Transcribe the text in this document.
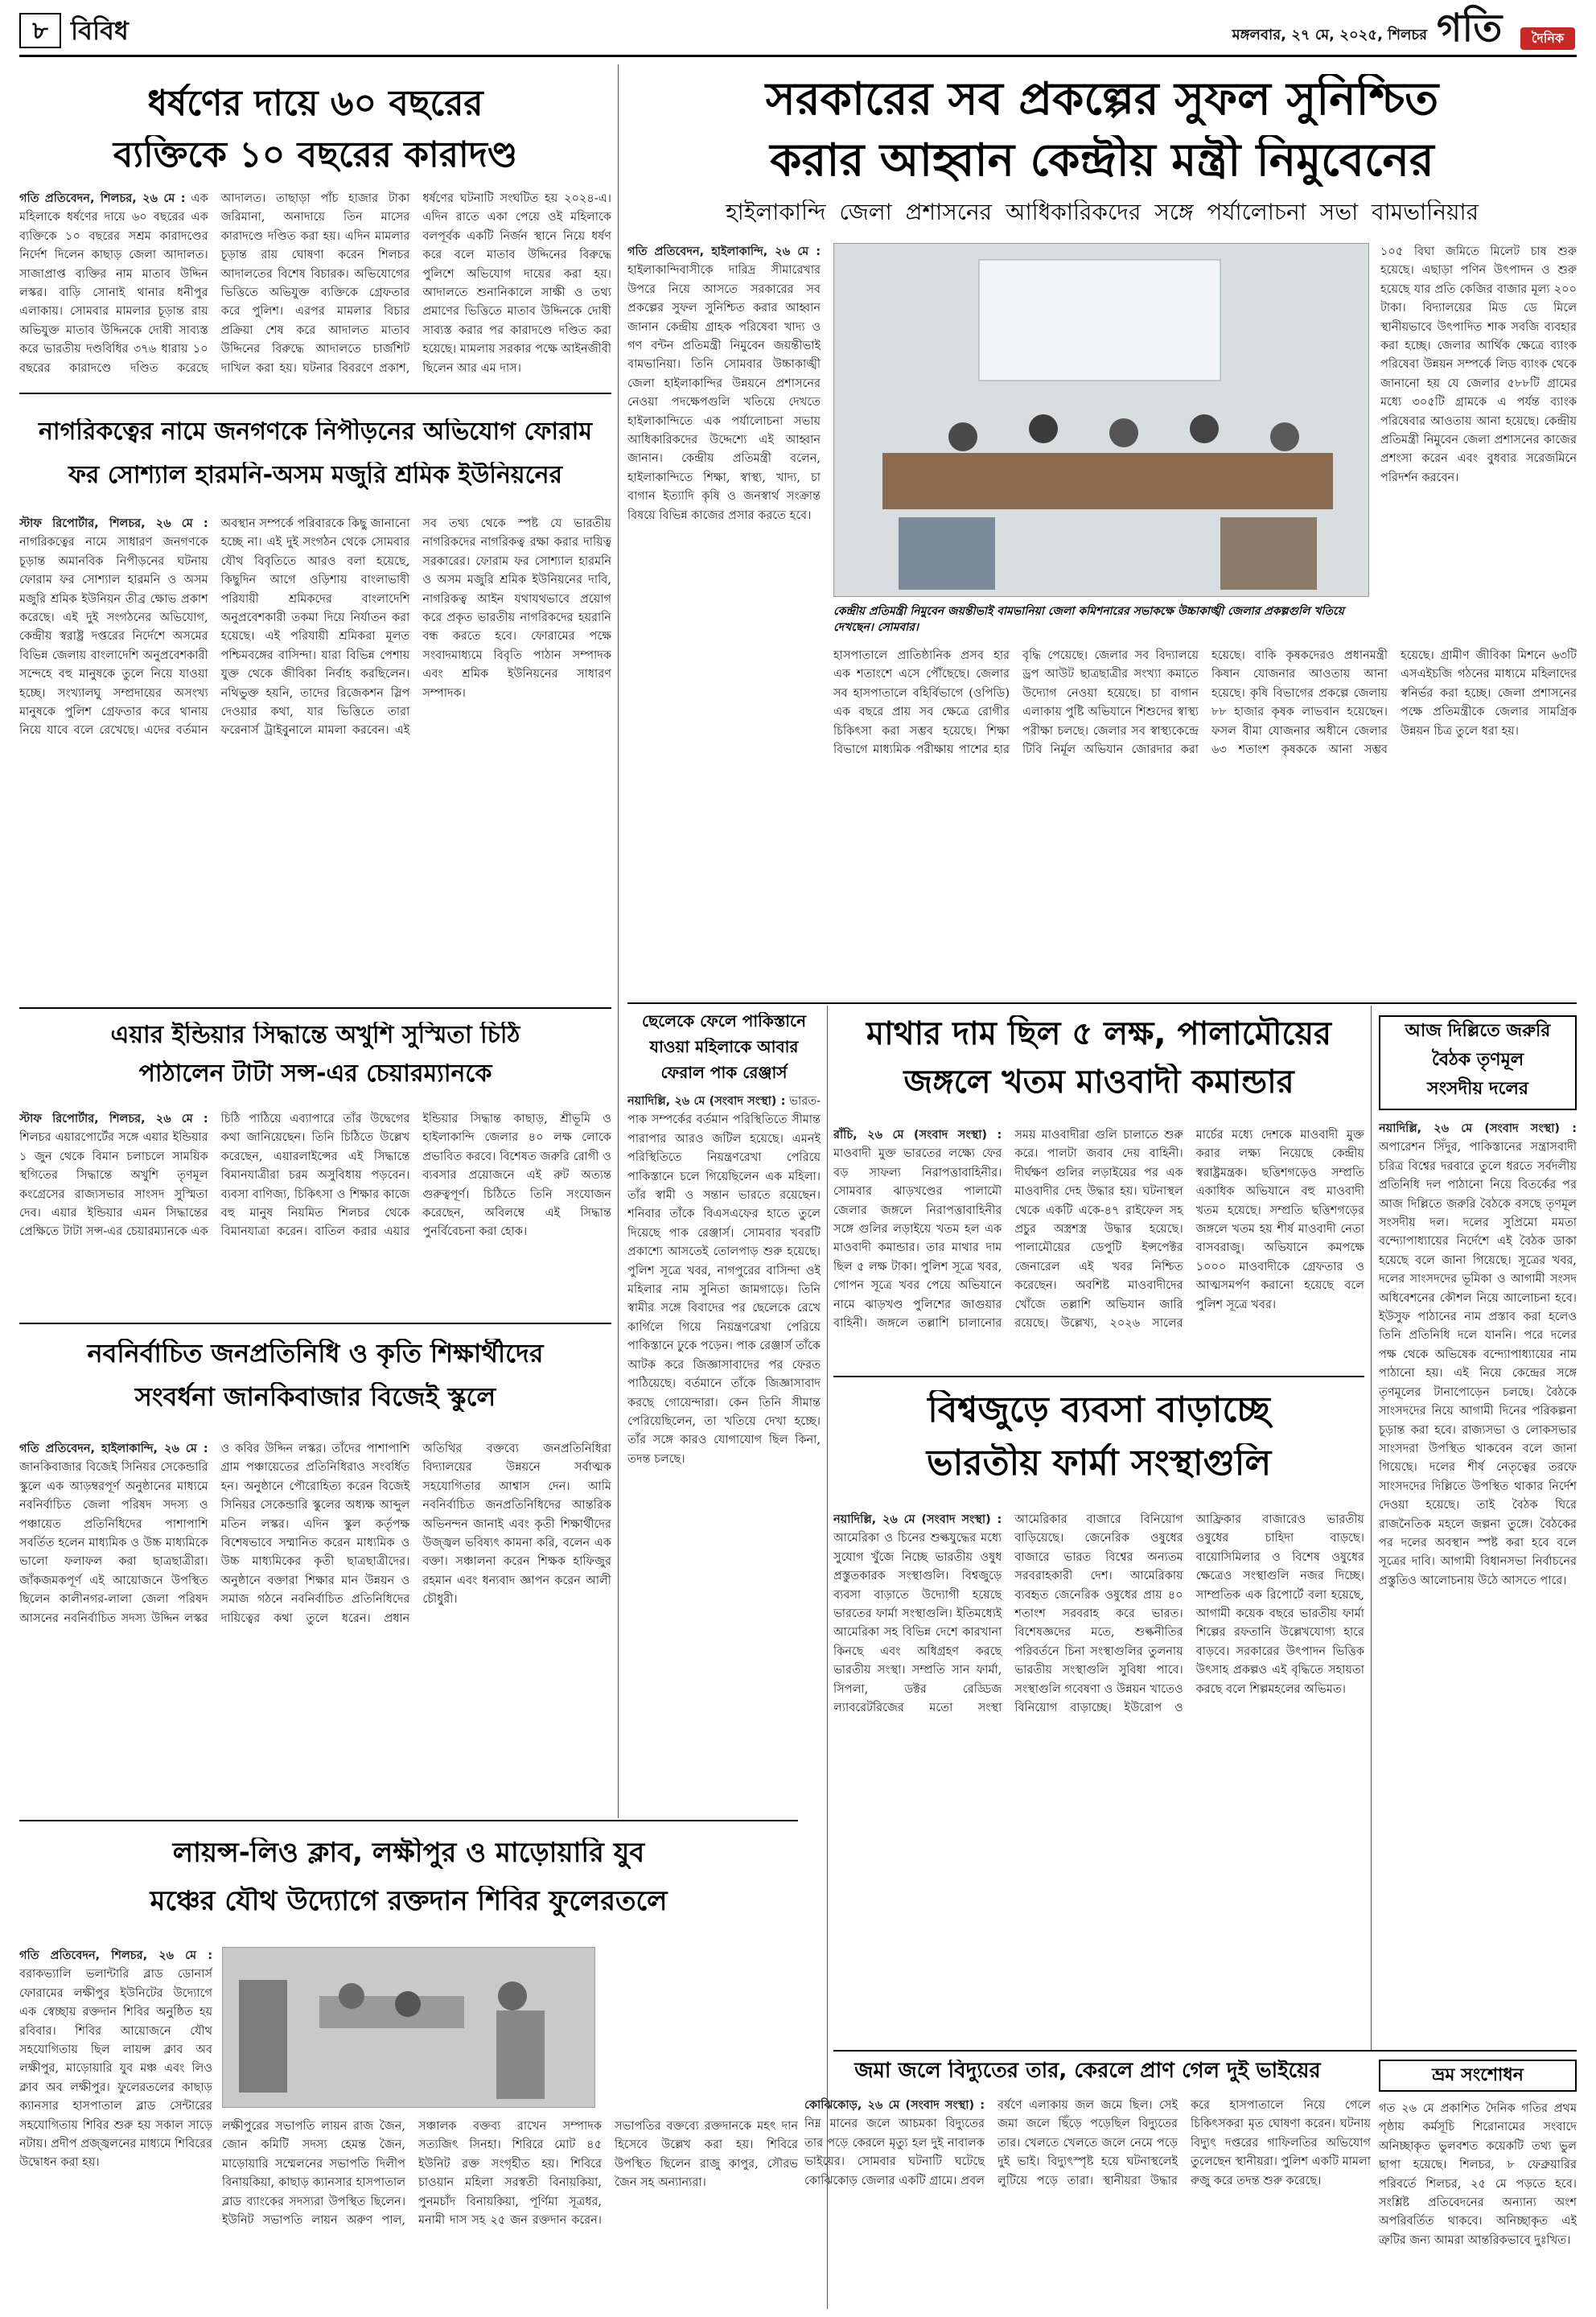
৮ বিবিধ	মঙ্গলবার, ২৭ মে, ২০২৫, শিলচর গতি	দৈনিক
ধর্ষণের দায়ে ৬০ বছরের
ব্যক্তিকে ১০ বছরের কারাদণ্ড
গতি প্রতিবেদন, শিলচর, ২৬ মে : এক মহিলাকে ধর্ষণের দায়ে ৬০ বছরের এক ব্যক্তিকে ১০ বছরের সশ্রম কারাদণ্ডের নির্দেশ দিলেন কাছাড় জেলা আদালত। সাজাপ্রাপ্ত ব্যক্তির নাম মাতাব উদ্দিন লস্কর। বাড়ি সোনাই থানার ধনীপুর এলাকায়। সোমবার মামলার চূড়ান্ত রায় অভিযুক্ত মাতাব উদ্দিনকে দোষী সাব্যস্ত করে ভারতীয় দণ্ডবিধির ৩৭৬ ধারায় ১০ বছরের কারাদণ্ডে দণ্ডিত করেছে আদালত। তাছাড়া পাঁচ হাজার টাকা জরিমানা, অনাদায়ে তিন মাসের কারাদণ্ডে দণ্ডিত করা হয়। এদিন মামলার চূড়ান্ত রায় ঘোষণা করেন শিলচর আদালতের বিশেষ বিচারক। অভিযোগের ভিত্তিতে অভিযুক্ত ব্যক্তিকে গ্রেফতার করে পুলিশ। এরপর মামলার বিচার প্রক্রিয়া শেষ করে আদালত মাতাব উদ্দিনের বিরুদ্ধে আদালতে চার্জশিট দাখিল করা হয়। ঘটনার বিবরণে প্রকাশ, ধর্ষণের ঘটনাটি সংঘটিত হয় ২০২৪-এ। এদিন রাতে একা পেয়ে ওই মহিলাকে বলপূর্বক একটি নির্জন স্থানে নিয়ে ধর্ষণ করে বলে মাতাব উদ্দিনের বিরুদ্ধে পুলিশে অভিযোগ দায়ের করা হয়। আদালতে শুনানিকালে সাক্ষী ও তথ্য প্রমাণের ভিত্তিতে মাতাব উদ্দিনকে দোষী সাব্যস্ত করার পর কারাদণ্ডে দণ্ডিত করা হয়েছে। মামলায় সরকার পক্ষে আইনজীবী ছিলেন আর এম দাস।
নাগরিকত্বের নামে জনগণকে নিপীড়নের অভিযোগ ফোরাম
ফর সোশ্যাল হারমনি-অসম মজুরি শ্রমিক ইউনিয়নের
স্টাফ রিপোর্টার, শিলচর, ২৬ মে : নাগরিকত্বের নামে সাধারণ জনগণকে চূড়ান্ত অমানবিক নিপীড়নের ঘটনায় ফোরাম ফর সোশ্যাল হারমনি ও অসম মজুরি শ্রমিক ইউনিয়ন তীব্র ক্ষোভ প্রকাশ করেছে। এই দুই সংগঠনের অভিযোগ, কেন্দ্রীয় স্বরাষ্ট্র দপ্তরের নির্দেশে অসমের বিভিন্ন জেলায় বাংলাদেশি অনুপ্রবেশকারী সন্দেহে বহু মানুষকে তুলে নিয়ে যাওয়া হচ্ছে। সংখ্যালঘু সম্প্রদায়ের অসংখ্য মানুষকে পুলিশ গ্রেফতার করে থানায় নিয়ে যাবে বলে রেখেছে। এদের বর্তমান অবস্থান সম্পর্কে পরিবারকে কিছু জানানো হচ্ছে না। এই দুই সংগঠন থেকে সোমবার যৌথ বিবৃতিতে আরও বলা হয়েছে, কিছুদিন আগে ওড়িশায় বাংলাভাষী পরিযায়ী শ্রমিকদের বাংলাদেশি অনুপ্রবেশকারী তকমা দিয়ে নির্যাতন করা হয়েছে। এই পরিযায়ী শ্রমিকরা মূলত পশ্চিমবঙ্গের বাসিন্দা। যারা বিভিন্ন পেশায় যুক্ত থেকে জীবিকা নির্বাহ করছিলেন। নথিভুক্ত হয়নি, তাদের রিজেকশন স্লিপ দেওয়ার কথা, যার ভিত্তিতে তারা ফরেনার্স ট্রাইবুনালে মামলা করবেন। এই সব তথ্য থেকে স্পষ্ট যে ভারতীয় নাগরিকদের নাগরিকত্ব রক্ষা করার দায়িত্ব সরকারের। ফোরাম ফর সোশ্যাল হারমনি ও অসম মজুরি শ্রমিক ইউনিয়নের দাবি, নাগরিকত্ব আইন যথাযথভাবে প্রয়োগ করে প্রকৃত ভারতীয় নাগরিকদের হয়রানি বন্ধ করতে হবে। ফোরামের পক্ষে সংবাদমাধ্যমে বিবৃতি পাঠান সম্পাদক এবং শ্রমিক ইউনিয়নের সাধারণ সম্পাদক।
এয়ার ইন্ডিয়ার সিদ্ধান্তে অখুশি সুস্মিতা চিঠি
পাঠালেন টাটা সন্স-এর চেয়ারম্যানকে
স্টাফ রিপোর্টার, শিলচর, ২৬ মে : শিলচর এয়ারপোর্টের সঙ্গে এয়ার ইন্ডিয়ার ১ জুন থেকে বিমান চলাচলে সাময়িক স্থগিতের সিদ্ধান্তে অখুশি তৃণমূল কংগ্রেসের রাজ্যসভার সাংসদ সুস্মিতা দেব। এয়ার ইন্ডিয়ার এমন সিদ্ধান্তের প্রেক্ষিতে টাটা সন্স-এর চেয়ারম্যানকে এক চিঠি পাঠিয়ে এব্যাপারে তাঁর উদ্বেগের কথা জানিয়েছেন। তিনি চিঠিতে উল্লেখ করেছেন, এয়ারলাইন্সের এই সিদ্ধান্তে বিমানযাত্রীরা চরম অসুবিধায় পড়বেন। ব্যবসা বাণিজ্য, চিকিৎসা ও শিক্ষার কাজে বহু মানুষ নিয়মিত শিলচর থেকে বিমানযাত্রা করেন। বাতিল করার এয়ার ইন্ডিয়ার সিদ্ধান্ত কাছাড়, শ্রীভূমি ও হাইলাকান্দি জেলার ৪০ লক্ষ লোকে প্রভাবিত করবে। বিশেষত জরুরি রোগী ও ব্যবসার প্রয়োজনে এই রুট অত্যন্ত গুরুত্বপূর্ণ। চিঠিতে তিনি সংযোজন করেছেন, অবিলম্বে এই সিদ্ধান্ত পুনর্বিবেচনা করা হোক।
নবনির্বাচিত জনপ্রতিনিধি ও কৃতি শিক্ষার্থীদের
সংবর্ধনা জানকিবাজার বিজেই স্কুলে
গতি প্রতিবেদন, হাইলাকান্দি, ২৬ মে : জানকিবাজার বিজেই সিনিয়র সেকেন্ডারি স্কুলে এক আড়ম্বরপূর্ণ অনুষ্ঠানের মাধ্যমে নবনির্বাচিত জেলা পরিষদ সদস্য ও পঞ্চায়েত প্রতিনিধিদের পাশাপাশি সবর্তিত হলেন মাধ্যমিক ও উচ্চ মাধ্যমিকে ভালো ফলাফল করা ছাত্রছাত্রীরা। জাঁকজমকপূর্ণ এই আয়োজনে উপস্থিত ছিলেন কালীনগর-লালা জেলা পরিষদ আসনের নবনির্বাচিত সদস্য উদ্দিন লস্কর ও কবির উদ্দিন লস্কর। তাঁদের পাশাপাশি গ্রাম পঞ্চায়েতের প্রতিনিধিরাও সংবর্ধিত হন। অনুষ্ঠানে পৌরোহিত্য করেন বিজেই সিনিয়র সেকেন্ডারি স্কুলের অধ্যক্ষ আব্দুল মতিন লস্কর। এদিন স্কুল কর্তৃপক্ষ বিশেষভাবে সম্মানিত করেন মাধ্যমিক ও উচ্চ মাধ্যমিকের কৃতী ছাত্রছাত্রীদের। অনুষ্ঠানে বক্তারা শিক্ষার মান উন্নয়ন ও সমাজ গঠনে নবনির্বাচিত প্রতিনিধিদের দায়িত্বের কথা তুলে ধরেন। প্রধান অতিথির বক্তব্যে জনপ্রতিনিধিরা বিদ্যালয়ের উন্নয়নে সর্বাত্মক সহযোগিতার আশ্বাস দেন। আমি নবনির্বাচিত জনপ্রতিনিধিদের আন্তরিক অভিনন্দন জানাই এবং কৃতী শিক্ষার্থীদের উজ্জ্বল ভবিষ্যৎ কামনা করি, বলেন এক বক্তা। সঞ্চালনা করেন শিক্ষক হাফিজুর রহমান এবং ধন্যবাদ জ্ঞাপন করেন আলী চৌধুরী।
লায়ন্স-লিও ক্লাব, লক্ষীপুর ও মাড়োয়ারি যুব
মঞ্চের যৌথ উদ্যোগে রক্তদান শিবির ফুলেরতলে
গতি প্রতিবেদন, শিলচর, ২৬ মে : বরাকভ্যালি ভলান্টারি ব্লাড ডোনার্স ফোরামের লক্ষীপুর ইউনিটের উদ্যোগে এক স্বেচ্ছায় রক্তদান শিবির অনুষ্ঠিত হয় রবিবার। শিবির আয়োজনে যৌথ সহযোগিতায় ছিল লায়ন্স ক্লাব অব লক্ষীপুর, মাড়োয়ারি যুব মঞ্চ এবং লিও ক্লাব অব লক্ষীপুর। ফুলেরতলের কাছাড় ক্যানসার হাসপাতাল ব্লাড সেন্টারের সহযোগিতায় শিবির শুরু হয় সকাল সাড়ে নটায়। প্রদীপ প্রজ্জ্বলনের মাধ্যমে শিবিরের উদ্বোধন করা হয়।
লক্ষীপুরের সভাপতি লায়ন রাজ জৈন, জোন কমিটি সদস্য হেমন্ত জৈন, মাড়োয়ারি সম্মেলনের সভাপতি দিলীপ বিনায়কিয়া, কাছাড় ক্যানসার হাসপাতাল ব্লাড ব্যাংকের সদস্যরা উপস্থিত ছিলেন। ইউনিট সভাপতি লায়ন অরুণ পাল, সঞ্চালক বক্তব্য রাখেন সম্পাদক সত্যজিৎ সিনহা। শিবিরে মোট ৪৫ ইউনিট রক্ত সংগৃহীত হয়। শিবিরে চাওয়ান মহিলা সরস্বতী বিনায়কিয়া, পুনমচাঁদ বিনায়কিয়া, পূর্ণিমা সূত্রধর, মনামী দাস সহ ২৫ জন রক্তদান করেন। সভাপতির বক্তব্যে রক্তদানকে মহৎ দান হিসেবে উল্লেখ করা হয়। শিবিরে উপস্থিত ছিলেন রাজু কাপুর, সৌরভ জৈন সহ অন্যান্যরা।
সরকারের সব প্রকল্পের সুফল সুনিশ্চিত
করার আহ্বান কেন্দ্রীয় মন্ত্রী নিমুবেনের
হাইলাকান্দি জেলা প্রশাসনের আধিকারিকদের সঙ্গে পর্যালোচনা সভা বামভানিয়ার
গতি প্রতিবেদন, হাইলাকান্দি, ২৬ মে : হাইলাকান্দিবাসীকে দারিদ্র সীমারেখার উপরে নিয়ে আসতে সরকারের সব প্রকল্পের সুফল সুনিশ্চিত করার আহ্বান জানান কেন্দ্রীয় গ্রাহক পরিষেবা খাদ্য ও গণ বন্টন প্রতিমন্ত্রী নিমুবেন জয়ন্তীভাই বামভানিয়া। তিনি সোমবার উচ্চাকাঙ্খী জেলা হাইলাকান্দির উন্নয়নে প্রশাসনের নেওয়া পদক্ষেপগুলি খতিয়ে দেখতে হাইলাকান্দিতে এক পর্যালোচনা সভায় আধিকারিকদের উদ্দেশ্যে এই আহ্বান জানান। কেন্দ্রীয় প্রতিমন্ত্রী বলেন, হাইলাকান্দিতে শিক্ষা, স্বাস্থ্য, খাদ্য, চা বাগান ইত্যাদি কৃষি ও জনস্বার্থ সংক্রান্ত বিষয়ে বিভিন্ন কাজের প্রসার করতে হবে।
কেন্দ্রীয় প্রতিমন্ত্রী নিমুবেন জয়ন্তীভাই বামভানিয়া জেলা কমিশনারের সভাকক্ষে উচ্চাকাঙ্খী জেলার প্রকল্পগুলি খতিয়ে দেখছেন। সোমবার।
১০৫ বিঘা জমিতে মিলেট চাষ শুরু হয়েছে। এছাড়া পণিন উৎপাদন ও শুরু হয়েছে যার প্রতি কেজির বাজার মূল্য ২০০ টাকা। বিদ্যালয়ের মিড ডে মিলে স্থানীয়ভাবে উৎপাদিত শাক সবজি ব্যবহার করা হচ্ছে। জেলার আর্থিক ক্ষেত্রে ব্যাংক পরিষেবা উন্নয়ন সম্পর্কে লিড ব্যাংক থেকে জানানো হয় যে জেলার ৫৮৮টি গ্রামের মধ্যে ৩০৫টি গ্রামকে এ পর্যন্ত ব্যাংক পরিষেবার আওতায় আনা হয়েছে। কেন্দ্রীয় প্রতিমন্ত্রী নিমুবেন জেলা প্রশাসনের কাজের প্রশংসা করেন এবং বুধবার সরেজমিনে পরিদর্শন করবেন।
হাসপাতালে প্রাতিষ্ঠানিক প্রসব হার এক শতাংশে এসে পৌঁছেছে। জেলার সব হাসপাতালে বহির্বিভাগে (ওপিডি) এক বছরে প্রায় সব ক্ষেত্রে রোগীর চিকিৎসা করা সম্ভব হয়েছে। শিক্ষা বিভাগে মাধ্যমিক পরীক্ষায় পাশের হার বৃদ্ধি পেয়েছে। জেলার সব বিদ্যালয়ে ড্রপ আউট ছাত্রছাত্রীর সংখ্যা কমাতে উদ্যোগ নেওয়া হয়েছে। চা বাগান এলাকায় পুষ্টি অভিযানে শিশুদের স্বাস্থ্য পরীক্ষা চলছে। জেলার সব স্বাস্থ্যকেন্দ্রে টিবি নির্মূল অভিযান জোরদার করা হয়েছে। বাকি কৃষকদেরও প্রধানমন্ত্রী কিষান যোজনার আওতায় আনা হয়েছে। কৃষি বিভাগের প্রকল্পে জেলায় ৮৮ হাজার কৃষক লাভবান হয়েছেন। ফসল বীমা যোজনার অধীনে জেলার ৬৩ শতাংশ কৃষককে আনা সম্ভব হয়েছে। গ্রামীণ জীবিকা মিশনে ৬৩টি এসএইচজি গঠনের মাধ্যমে মহিলাদের স্বনির্ভর করা হচ্ছে। জেলা প্রশাসনের পক্ষে প্রতিমন্ত্রীকে জেলার সামগ্রিক উন্নয়ন চিত্র তুলে ধরা হয়।
ছেলেকে ফেলে পাকিস্তানে
যাওয়া মহিলাকে আবার
ফেরাল পাক রেঞ্জার্স
নয়াদিল্লি, ২৬ মে (সংবাদ সংস্থা) : ভারত-পাক সম্পর্কের বর্তমান পরিস্থিতিতে সীমান্ত পারাপার আরও জটিল হয়েছে। এমনই পরিস্থিতিতে নিয়ন্ত্রণরেখা পেরিয়ে পাকিস্তানে চলে গিয়েছিলেন এক মহিলা। তাঁর স্বামী ও সন্তান ভারতে রয়েছেন। শনিবার তাঁকে বিএসএফের হাতে তুলে দিয়েছে পাক রেঞ্জার্স। সোমবার খবরটি প্রকাশ্যে আসতেই তোলপাড় শুরু হয়েছে। পুলিশ সূত্রে খবর, নাগপুরের বাসিন্দা ওই মহিলার নাম সুনিতা জামগাড়ে। তিনি স্বামীর সঙ্গে বিবাদের পর ছেলেকে রেখে কার্গিলে গিয়ে নিয়ন্ত্রণরেখা পেরিয়ে পাকিস্তানে ঢুকে পড়েন। পাক রেঞ্জার্স তাঁকে আটক করে জিজ্ঞাসাবাদের পর ফেরত পাঠিয়েছে। বর্তমানে তাঁকে জিজ্ঞাসাবাদ করছে গোয়েন্দারা। কেন তিনি সীমান্ত পেরিয়েছিলেন, তা খতিয়ে দেখা হচ্ছে। তাঁর সঙ্গে কারও যোগাযোগ ছিল কিনা, তদন্ত চলছে।
মাথার দাম ছিল ৫ লক্ষ, পালামৌয়ের
জঙ্গলে খতম মাওবাদী কমান্ডার
রাঁচি, ২৬ মে (সংবাদ সংস্থা) : মাওবাদী মুক্ত ভারতের লক্ষ্যে ফের বড় সাফল্য নিরাপত্তাবাহিনীর। সোমবার ঝাড়খণ্ডের পালামৌ জেলার জঙ্গলে নিরাপত্তাবাহিনীর সঙ্গে গুলির লড়াইয়ে খতম হল এক মাওবাদী কমান্ডার। তার মাথার দাম ছিল ৫ লক্ষ টাকা। পুলিশ সূত্রে খবর, গোপন সূত্রে খবর পেয়ে অভিযানে নামে ঝাড়খণ্ড পুলিশের জাগুয়ার বাহিনী। জঙ্গলে তল্লাশি চালানোর সময় মাওবাদীরা গুলি চালাতে শুরু করে। পালটা জবাব দেয় বাহিনী। দীর্ঘক্ষণ গুলির লড়াইয়ের পর এক মাওবাদীর দেহ উদ্ধার হয়। ঘটনাস্থল থেকে একটি একে-৪৭ রাইফেল সহ প্রচুর অস্ত্রশস্ত্র উদ্ধার হয়েছে। পালামৌয়ের ডেপুটি ইন্সপেক্টর জেনারেল এই খবর নিশ্চিত করেছেন। অবশিষ্ট মাওবাদীদের খোঁজে তল্লাশি অভিযান জারি রয়েছে। উল্লেখ্য, ২০২৬ সালের মার্চের মধ্যে দেশকে মাওবাদী মুক্ত করার লক্ষ্য নিয়েছে কেন্দ্রীয় স্বরাষ্ট্রমন্ত্রক। ছত্তিশগড়েও সম্প্রতি একাধিক অভিযানে বহু মাওবাদী খতম হয়েছে। সম্প্রতি ছত্তিশগড়ের জঙ্গলে খতম হয় শীর্ষ মাওবাদী নেতা বাসবরাজু। অভিযানে কমপক্ষে ১০০০ মাওবাদীকে গ্রেফতার ও আত্মসমর্পণ করানো হয়েছে বলে পুলিশ সূত্রে খবর।
আজ দিল্লিতে জরুরি
বৈঠক তৃণমূল
সংসদীয় দলের
নয়াদিল্লি, ২৬ মে (সংবাদ সংস্থা) : অপারেশন সিঁদুর, পাকিস্তানের সন্ত্রাসবাদী চরিত্র বিশ্বের দরবারে তুলে ধরতে সর্বদলীয় প্রতিনিধি দল পাঠানো নিয়ে বিতর্কের পর আজ দিল্লিতে জরুরি বৈঠকে বসছে তৃণমূল সংসদীয় দল। দলের সুপ্রিমো মমতা বন্দ্যোপাধ্যায়ের নির্দেশে এই বৈঠক ডাকা হয়েছে বলে জানা গিয়েছে। সূত্রের খবর, দলের সাংসদদের ভূমিকা ও আগামী সংসদ অধিবেশনের কৌশল নিয়ে আলোচনা হবে। ইউসুফ পাঠানের নাম প্রস্তাব করা হলেও তিনি প্রতিনিধি দলে যাননি। পরে দলের পক্ষ থেকে অভিষেক বন্দ্যোপাধ্যায়ের নাম পাঠানো হয়। এই নিয়ে কেন্দ্রের সঙ্গে তৃণমূলের টানাপোড়েন চলছে। বৈঠকে সাংসদদের নিয়ে আগামী দিনের পরিকল্পনা চূড়ান্ত করা হবে। রাজ্যসভা ও লোকসভার সাংসদরা উপস্থিত থাকবেন বলে জানা গিয়েছে। দলের শীর্ষ নেতৃত্বের তরফে সাংসদদের দিল্লিতে উপস্থিত থাকার নির্দেশ দেওয়া হয়েছে। তাই বৈঠক ঘিরে রাজনৈতিক মহলে জল্পনা তুঙ্গে। বৈঠকের পর দলের অবস্থান স্পষ্ট করা হবে বলে সূত্রের দাবি। আগামী বিধানসভা নির্বাচনের প্রস্তুতিও আলোচনায় উঠে আসতে পারে।
বিশ্বজুড়ে ব্যবসা বাড়াচ্ছে
ভারতীয় ফার্মা সংস্থাগুলি
নয়াদিল্লি, ২৬ মে (সংবাদ সংস্থা) : আমেরিকা ও চিনের শুল্কযুদ্ধের মধ্যে সুযোগ খুঁজে নিচ্ছে ভারতীয় ওষুধ প্রস্তুতকারক সংস্থাগুলি। বিশ্বজুড়ে ব্যবসা বাড়াতে উদ্যোগী হয়েছে ভারতের ফার্মা সংস্থাগুলি। ইতিমধ্যেই আমেরিকা সহ বিভিন্ন দেশে কারখানা কিনছে এবং অধিগ্রহণ করছে ভারতীয় সংস্থা। সম্প্রতি সান ফার্মা, সিপলা, ডক্টর রেড্ডিজ ল্যাবরেটরিজের মতো সংস্থা আমেরিকার বাজারে বিনিয়োগ বাড়িয়েছে। জেনেরিক ওষুধের বাজারে ভারত বিশ্বের অন্যতম সরবরাহকারী দেশ। আমেরিকায় ব্যবহৃত জেনেরিক ওষুধের প্রায় ৪০ শতাংশ সরবরাহ করে ভারত। বিশেষজ্ঞদের মতে, শুল্কনীতির পরিবর্তনে চিনা সংস্থাগুলির তুলনায় ভারতীয় সংস্থাগুলি সুবিধা পাবে। সংস্থাগুলি গবেষণা ও উন্নয়ন খাতেও বিনিয়োগ বাড়াচ্ছে। ইউরোপ ও আফ্রিকার বাজারেও ভারতীয় ওষুধের চাহিদা বাড়ছে। বায়োসিমিলার ও বিশেষ ওষুধের ক্ষেত্রেও সংস্থাগুলি নজর দিচ্ছে। সাম্প্রতিক এক রিপোর্টে বলা হয়েছে, আগামী কয়েক বছরে ভারতীয় ফার্মা শিল্পের রফতানি উল্লেখযোগ্য হারে বাড়বে। সরকারের উৎপাদন ভিত্তিক উৎসাহ প্রকল্পও এই বৃদ্ধিতে সহায়তা করছে বলে শিল্পমহলের অভিমত।
জমা জলে বিদ্যুতের তার, কেরলে প্রাণ গেল দুই ভাইয়ের
কোঝিকোড়, ২৬ মে (সংবাদ সংস্থা) : নিম্ন মানের জলে আচমকা বিদ্যুতের তার পড়ে কেরলে মৃত্যু হল দুই নাবালক ভাইয়ের। সোমবার ঘটনাটি ঘটেছে কোঝিকোড় জেলার একটি গ্রামে। প্রবল বর্ষণে এলাকায় জল জমে ছিল। সেই জমা জলে ছিঁড়ে পড়েছিল বিদ্যুতের তার। খেলতে খেলতে জলে নেমে পড়ে দুই ভাই। বিদ্যুৎস্পৃষ্ট হয়ে ঘটনাস্থলেই লুটিয়ে পড়ে তারা। স্থানীয়রা উদ্ধার করে হাসপাতালে নিয়ে গেলে চিকিৎসকরা মৃত ঘোষণা করেন। ঘটনায় বিদ্যুৎ দপ্তরের গাফিলতির অভিযোগ তুলেছেন স্থানীয়রা। পুলিশ একটি মামলা রুজু করে তদন্ত শুরু করেছে।
ভ্রম সংশোধন
গত ২৬ মে প্রকাশিত দৈনিক গতির প্রথম পৃষ্ঠায় কর্মসূচি শিরোনামের সংবাদে অনিচ্ছাকৃত ভুলবশত কয়েকটি তথ্য ভুল ছাপা হয়েছে। শিলচর, ৮ ফেব্রুয়ারির পরিবর্তে শিলচর, ২৫ মে পড়তে হবে। সংশ্লিষ্ট প্রতিবেদনের অন্যান্য অংশ অপরিবর্তিত থাকবে। অনিচ্ছাকৃত এই ত্রুটির জন্য আমরা আন্তরিকভাবে দুঃখিত।
